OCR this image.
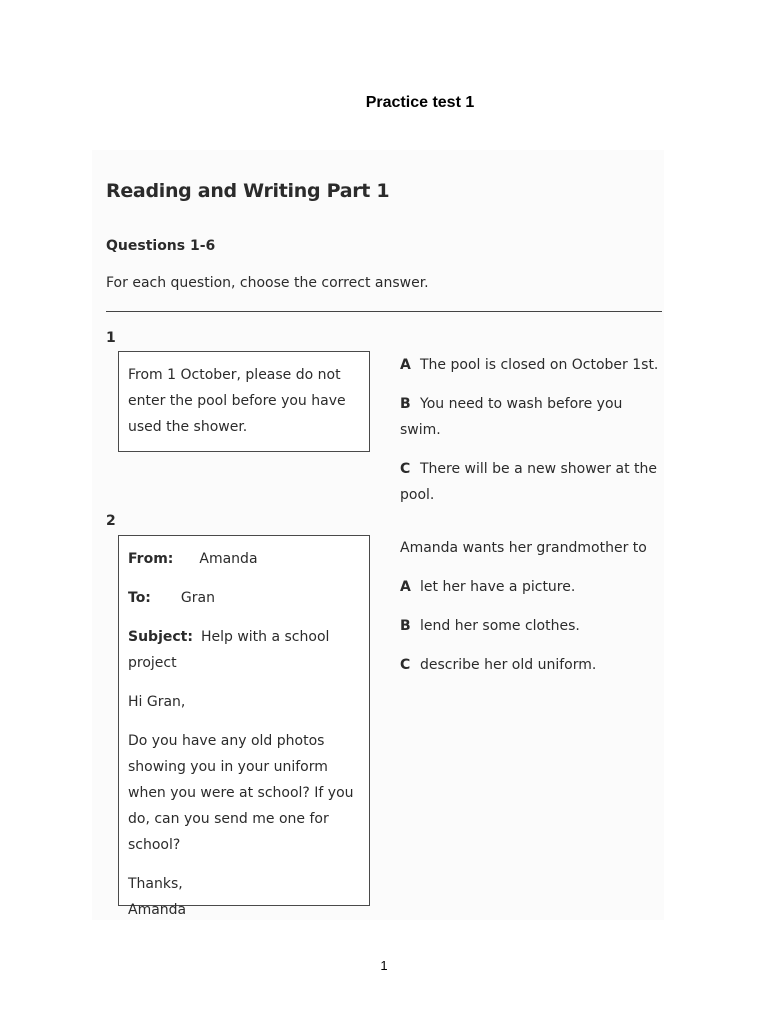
Practice test 1
Reading and Writing Part 1
Questions 1-6
For each question, choose the correct answer.
1
From 1 October, please do not enter the pool before you have used the shower.
A The pool is closed on October 1st.
B You need to wash before you swim.
C There will be a new shower at the pool.
2
From: Amanda
To: Gran
Subject: Help with a school project
Hi Gran,
Do you have any old photos showing you in your uniform when you were at school? If you do, can you send me one for school?
Thanks,
Amanda
Amanda wants her grandmother to
A let her have a picture.
B lend her some clothes.
C describe her old uniform.
1
